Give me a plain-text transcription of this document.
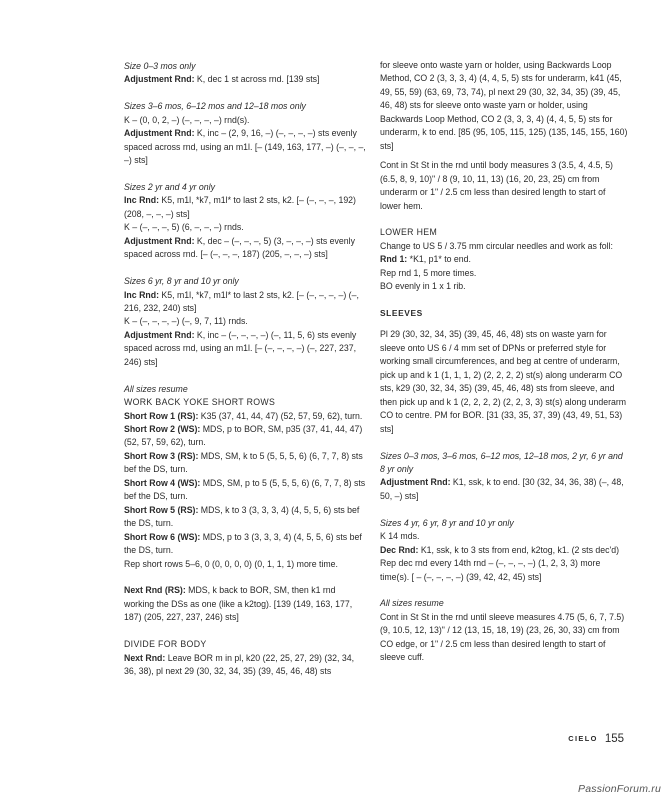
Size 0–3 mos only

Adjustment Rnd: K, dec 1 st across rnd. [139 sts]

Sizes 3–6 mos, 6–12 mos and 12–18 mos only

K – (0, 0, 2, –) (–, –, –, –) rnd(s).

Adjustment Rnd: K, inc – (2, 9, 16, –) (–, –, –, –) sts evenly spaced across rnd, using an m1l. [– (149, 163, 177, –) (–, –, –, –) sts]

Sizes 2 yr and 4 yr only

Inc Rnd: K5, m1l, *k7, m1l* to last 2 sts, k2. [– (–, –, –, 192) (208, –, –, –) sts]

K – (–, –, –, 5) (6, –, –, –) rnds.

Adjustment Rnd: K, dec – (–, –, –, 5) (3, –, –, –) sts evenly spaced across rnd. [– (–, –, –, 187) (205, –, –, –) sts]

Sizes 6 yr, 8 yr and 10 yr only

Inc Rnd: K5, m1l, *k7, m1l* to last 2 sts, k2. [– (–, –, –, –) (–, 216, 232, 240) sts]

K – (–, –, –, –) (–, 9, 7, 11) rnds.

Adjustment Rnd: K, inc – (–, –, –, –) (–, 11, 5, 6) sts evenly spaced across rnd, using an m1l. [– (–, –, –, –) (–, 227, 237, 246) sts]

All sizes resume

WORK BACK YOKE SHORT ROWS

Short Row 1 (RS): K35 (37, 41, 44, 47) (52, 57, 59, 62), turn.

Short Row 2 (WS): MDS, p to BOR, SM, p35 (37, 41, 44, 47) (52, 57, 59, 62), turn.

Short Row 3 (RS): MDS, SM, k to 5 (5, 5, 5, 6) (6, 7, 7, 8) sts bef the DS, turn.

Short Row 4 (WS): MDS, SM, p to 5 (5, 5, 5, 6) (6, 7, 7, 8) sts bef the DS, turn.

Short Row 5 (RS): MDS, k to 3 (3, 3, 3, 4) (4, 5, 5, 6) sts bef the DS, turn.

Short Row 6 (WS): MDS, p to 3 (3, 3, 3, 4) (4, 5, 5, 6) sts bef the DS, turn.

Rep short rows 5–6, 0 (0, 0, 0, 0) (0, 1, 1, 1) more time.

Next Rnd (RS): MDS, k back to BOR, SM, then k1 rnd working the DSs as one (like a k2tog). [139 (149, 163, 177, 187) (205, 227, 237, 246) sts]

DIVIDE FOR BODY

Next Rnd: Leave BOR m in pl, k20 (22, 25, 27, 29) (32, 34, 36, 38), pl next 29 (30, 32, 34, 35) (39, 45, 46, 48) sts

for sleeve onto waste yarn or holder, using Backwards Loop Method, CO 2 (3, 3, 3, 4) (4, 4, 5, 5) sts for underarm, k41 (45, 49, 55, 59) (63, 69, 73, 74), pl next 29 (30, 32, 34, 35) (39, 45, 46, 48) sts for sleeve onto waste yarn or holder, using Backwards Loop Method, CO 2 (3, 3, 3, 4) (4, 4, 5, 5) sts for underarm, k to end. [85 (95, 105, 115, 125) (135, 145, 155, 160) sts]

Cont in St St in the rnd until body measures 3 (3.5, 4, 4.5, 5) (6.5, 8, 9, 10)" / 8 (9, 10, 11, 13) (16, 20, 23, 25) cm from underarm or 1" / 2.5 cm less than desired length to start of lower hem.

LOWER HEM

Change to US 5 / 3.75 mm circular needles and work as foll:

Rnd 1: *K1, p1* to end.

Rep rnd 1, 5 more times.

BO evenly in 1 x 1 rib.

SLEEVES

Pl 29 (30, 32, 34, 35) (39, 45, 46, 48) sts on waste yarn for sleeve onto US 6 / 4 mm set of DPNs or preferred style for working small circumferences, and beg at centre of underarm, pick up and k 1 (1, 1, 1, 2) (2, 2, 2, 2) st(s) along underarm CO sts, k29 (30, 32, 34, 35) (39, 45, 46, 48) sts from sleeve, and then pick up and k 1 (2, 2, 2, 2) (2, 2, 3, 3) st(s) along underarm CO to centre. PM for BOR. [31 (33, 35, 37, 39) (43, 49, 51, 53) sts]

Sizes 0–3 mos, 3–6 mos, 6–12 mos, 12–18 mos, 2 yr, 6 yr and 8 yr only

Adjustment Rnd: K1, ssk, k to end. [30 (32, 34, 36, 38) (–, 48, 50, –) sts]

Sizes 4 yr, 6 yr, 8 yr and 10 yr only

K 14 mds.

Dec Rnd: K1, ssk, k to 3 sts from end, k2tog, k1. (2 sts dec'd)

Rep dec rnd every 14th rnd – (–, –, –, –) (1, 2, 3, 3) more time(s). [ – (–, –, –, –) (39, 42, 42, 45) sts]

All sizes resume

Cont in St St in the rnd until sleeve measures 4.75 (5, 6, 7, 7.5) (9, 10.5, 12, 13)" / 12 (13, 15, 18, 19) (23, 26, 30, 33) cm from CO edge, or 1" / 2.5 cm less than desired length to start of sleeve cuff.

CIELO 155
PassionForum.ru
